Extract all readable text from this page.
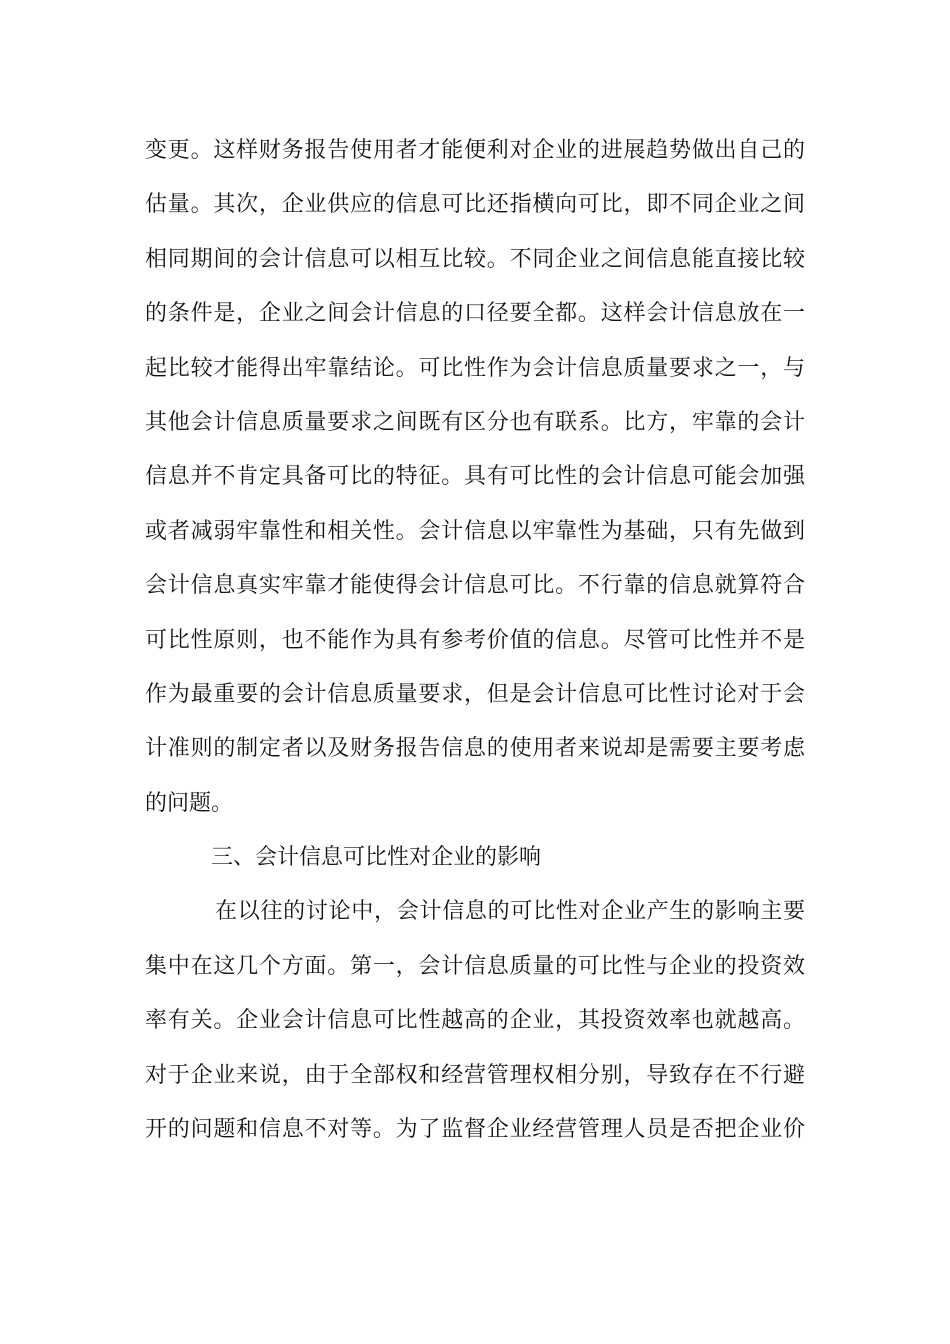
变更。这样财务报告使用者才能便利对企业的进展趋势做出自己的
估量。其次，企业供应的信息可比还指横向可比，即不同企业之间
相同期间的会计信息可以相互比较。不同企业之间信息能直接比较
的条件是，企业之间会计信息的口径要全都。这样会计信息放在一
起比较才能得出牢靠结论。可比性作为会计信息质量要求之一，与
其他会计信息质量要求之间既有区分也有联系。比方，牢靠的会计
信息并不肯定具备可比的特征。具有可比性的会计信息可能会加强
或者减弱牢靠性和相关性。会计信息以牢靠性为基础，只有先做到
会计信息真实牢靠才能使得会计信息可比。不行靠的信息就算符合
可比性原则，也不能作为具有参考价值的信息。尽管可比性并不是
作为最重要的会计信息质量要求，但是会计信息可比性讨论对于会
计准则的制定者以及财务报告信息的使用者来说却是需要主要考虑
的问题。
三、会计信息可比性对企业的影响
在以往的讨论中，会计信息的可比性对企业产生的影响主要
集中在这几个方面。第一，会计信息质量的可比性与企业的投资效
率有关。企业会计信息可比性越高的企业，其投资效率也就越高。
对于企业来说，由于全部权和经营管理权相分别，导致存在不行避
开的问题和信息不对等。为了监督企业经营管理人员是否把企业价
